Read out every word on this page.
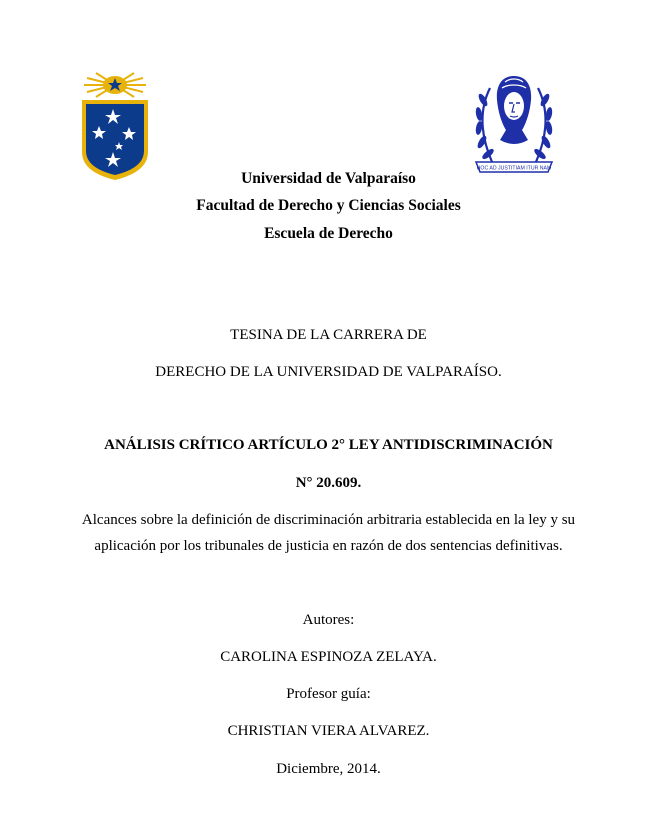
HOC AD JUSTITIAM ITUR NAM
Universidad de Valparaíso
Facultad de Derecho y Ciencias Sociales
Escuela de Derecho
TESINA DE LA CARRERA DE
DERECHO DE LA UNIVERSIDAD DE VALPARAÍSO.
ANÁLISIS CRÍTICO ARTÍCULO 2° LEY ANTIDISCRIMINACIÓN
N° 20.609.
Alcances sobre la definición de discriminación arbitraria establecida en la ley y su
aplicación por los tribunales de justicia en razón de dos sentencias definitivas.
Autores:
CAROLINA ESPINOZA ZELAYA.
Profesor guía:
CHRISTIAN VIERA ALVAREZ.
Diciembre, 2014.
